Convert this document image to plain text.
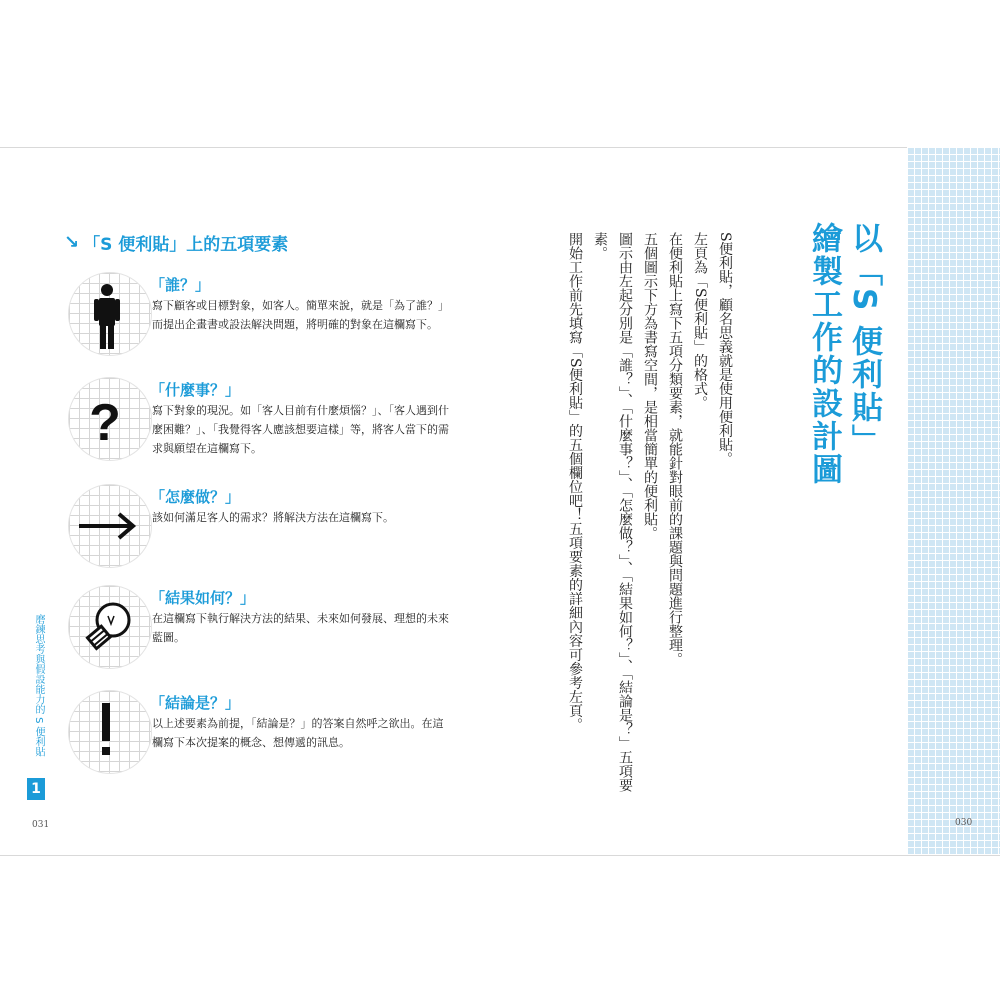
↘ 「S 便利貼」上的五項要素
「誰？」
寫下顧客或目標對象，如客人。簡單來說，就是「為了誰？」而提出企畫書或設法解決問題，將明確的對象在這欄寫下。
?
「什麼事？」
寫下對象的現況。如「客人目前有什麼煩惱？」、「客人遇到什麼困難？」、「我覺得客人應該想要這樣」等，將客人當下的需求與願望在這欄寫下。
「怎麼做？」
該如何滿足客人的需求？將解決方法在這欄寫下。
「結果如何？」
在這欄寫下執行解決方法的結果、未來如何發展、理想的未來藍圖。
「結論是？」
以上述要素為前提，「結論是？」的答案自然呼之欲出。在這欄寫下本次提案的概念、想傳遞的訊息。
磨鍊思考與假設能力的 S 便利貼
1
031
以「S 便利貼」
繪製工作的設計圖

S便利貼，顧名思義就是使用便利貼。

左頁為「S便利貼」的格式。

在便利貼上寫下五項分類要素，就能針對眼前的課題與問題進行整理。

五個圖示下方為書寫空間，是相當簡單的便利貼。

圖示由左起分別是「誰？」、「什麼事？」、「怎麼做？」、「結果如何？」、「結論是？」五項要素。

開始工作前先填寫「S便利貼」的五個欄位吧！五項要素的詳細內容可參考左頁。

030
